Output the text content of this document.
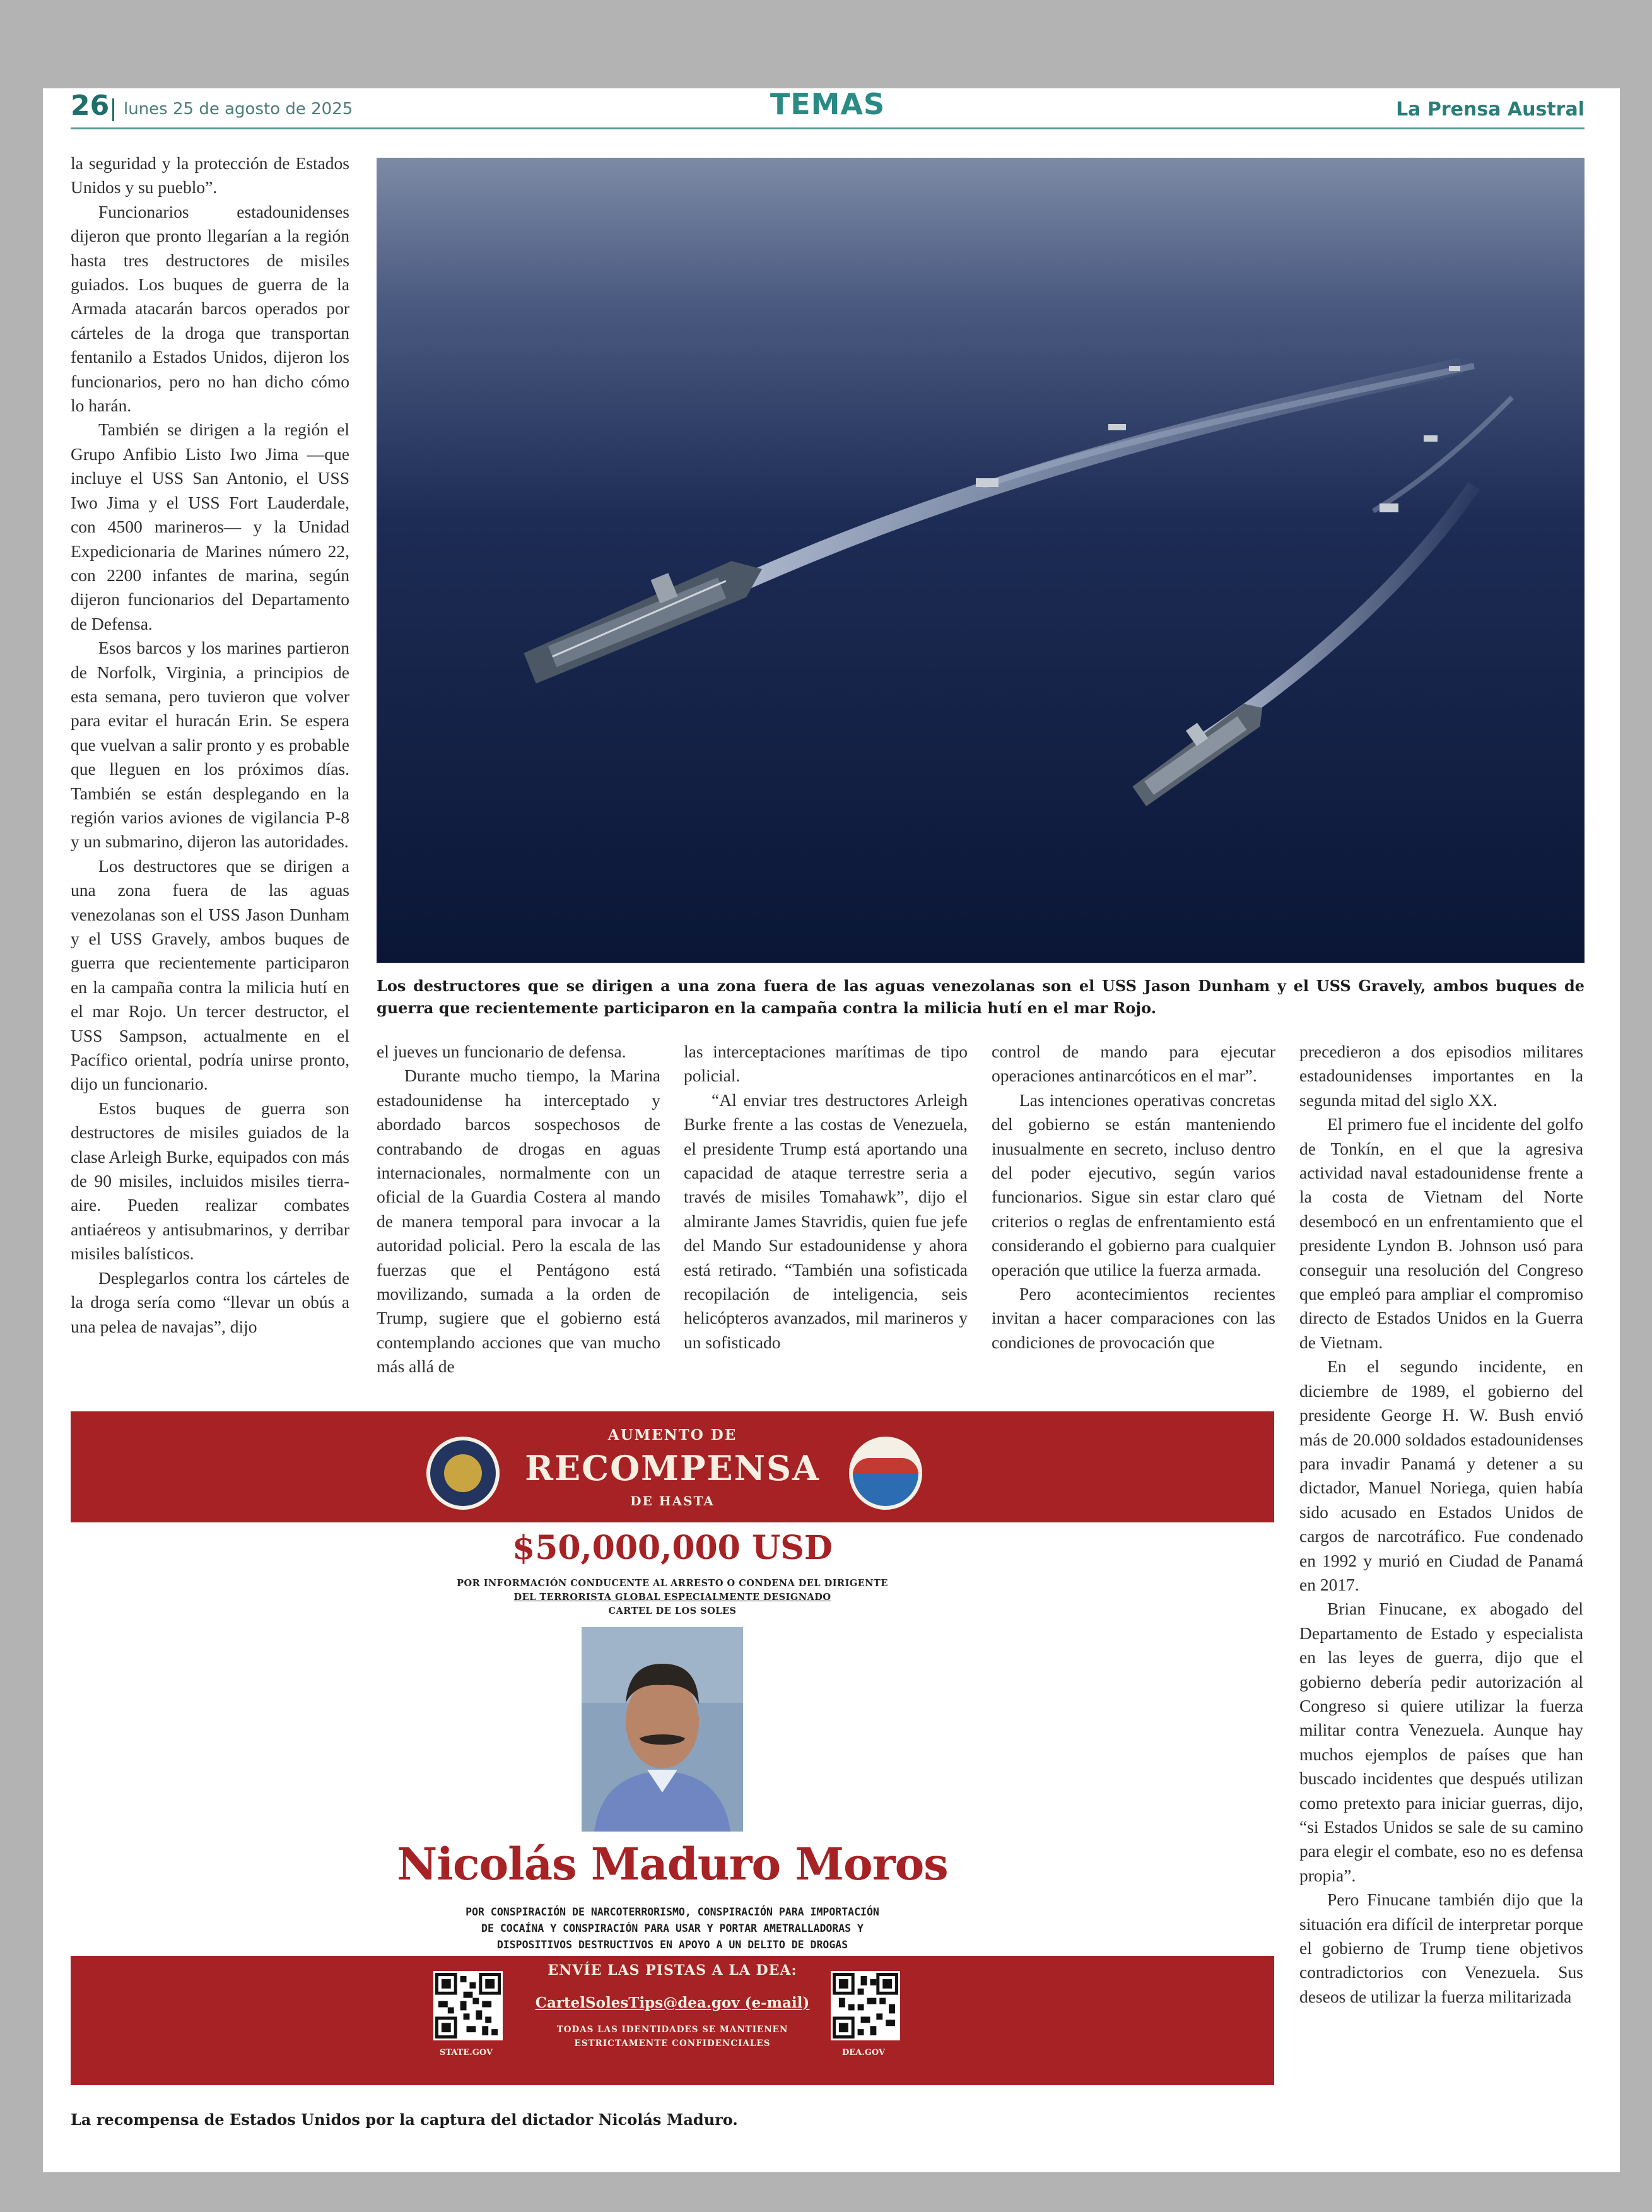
26 lunes 25 de agosto de 2025	TEMAS	La Prensa Austral

la seguridad y la protección de Estados Unidos y su pueblo”.

Funcionarios estadounidenses dijeron que pronto llegarían a la región hasta tres destructores de misiles guiados. Los buques de guerra de la Armada atacarán barcos operados por cárteles de la droga que transportan fentanilo a Estados Unidos, dijeron los funcionarios, pero no han dicho cómo lo harán.

También se dirigen a la región el Grupo Anfibio Listo Iwo Jima —que incluye el USS San Antonio, el USS Iwo Jima y el USS Fort Lauderdale, con 4500 marineros— y la Unidad Expedicionaria de Marines número 22, con 2200 infantes de marina, según dijeron funcionarios del Departamento de Defensa.

Esos barcos y los marines partieron de Norfolk, Virginia, a principios de esta semana, pero tuvieron que volver para evitar el huracán Erin. Se espera que vuelvan a salir pronto y es probable que lleguen en los próximos días. También se están desplegando en la región varios aviones de vigilancia P-8 y un submarino, dijeron las autoridades.

Los destructores que se dirigen a una zona fuera de las aguas venezolanas son el USS Jason Dunham y el USS Gravely, ambos buques de guerra que recientemente participaron en la campaña contra la milicia hutí en el mar Rojo. Un tercer destructor, el USS Sampson, actualmente en el Pacífico oriental, podría unirse pronto, dijo un funcionario.

Estos buques de guerra son destructores de misiles guiados de la clase Arleigh Burke, equipados con más de 90 misiles, incluidos misiles tierra-aire. Pueden realizar combates antiaéreos y antisubmarinos, y derribar misiles balísticos.

Desplegarlos contra los cárteles de la droga sería como “llevar un obús a una pelea de navajas”, dijo

Los destructores que se dirigen a una zona fuera de las aguas venezolanas son el USS Jason Dunham y el USS Gravely, ambos buques de guerra que recientemente participaron en la campaña contra la milicia hutí en el mar Rojo.

el jueves un funcionario de defensa.

Durante mucho tiempo, la Marina estadounidense ha interceptado y abordado barcos sospechosos de contrabando de drogas en aguas internacionales, normalmente con un oficial de la Guardia Costera al mando de manera temporal para invocar a la autoridad policial. Pero la escala de las fuerzas que el Pentágono está movilizando, sumada a la orden de Trump, sugiere que el gobierno está contemplando acciones que van mucho más allá de

las interceptaciones marítimas de tipo policial.

“Al enviar tres destructores Arleigh Burke frente a las costas de Venezuela, el presidente Trump está aportando una capacidad de ataque terrestre seria a través de misiles Tomahawk”, dijo el almirante James Stavridis, quien fue jefe del Mando Sur estadounidense y ahora está retirado. “También una sofisticada recopilación de inteligencia, seis helicópteros avanzados, mil marineros y un sofisticado

control de mando para ejecutar operaciones antinarcóticos en el mar”.

Las intenciones operativas concretas del gobierno se están manteniendo inusualmente en secreto, incluso dentro del poder ejecutivo, según varios funcionarios. Sigue sin estar claro qué criterios o reglas de enfrentamiento está considerando el gobierno para cualquier operación que utilice la fuerza armada.

Pero acontecimientos recientes invitan a hacer comparaciones con las condiciones de provocación que

precedieron a dos episodios militares estadounidenses importantes en la segunda mitad del siglo XX.

El primero fue el incidente del golfo de Tonkín, en el que la agresiva actividad naval estadounidense frente a la costa de Vietnam del Norte desembocó en un enfrentamiento que el presidente Lyndon B. Johnson usó para conseguir una resolución del Congreso que empleó para ampliar el compromiso directo de Estados Unidos en la Guerra de Vietnam.

En el segundo incidente, en diciembre de 1989, el gobierno del presidente George H. W. Bush envió más de 20.000 soldados estadounidenses para invadir Panamá y detener a su dictador, Manuel Noriega, quien había sido acusado en Estados Unidos de cargos de narcotráfico. Fue condenado en 1992 y murió en Ciudad de Panamá en 2017.

Brian Finucane, ex abogado del Departamento de Estado y especialista en las leyes de guerra, dijo que el gobierno debería pedir autorización al Congreso si quiere utilizar la fuerza militar contra Venezuela. Aunque hay muchos ejemplos de países que han buscado incidentes que después utilizan como pretexto para iniciar guerras, dijo, “si Estados Unidos se sale de su camino para elegir el combate, eso no es defensa propia”.

Pero Finucane también dijo que la situación era difícil de interpretar porque el gobierno de Trump tiene objetivos contradictorios con Venezuela. Sus deseos de utilizar la fuerza militarizada

AUMENTO DE
RECOMPENSA
DE HASTA
$50,000,000 USD
POR INFORMACIÓN CONDUCENTE AL ARRESTO O CONDENA DEL DIRIGENTE
DEL TERRORISTA GLOBAL ESPECIALMENTE DESIGNADO
CARTEL DE LOS SOLES
Nicolás Maduro Moros
POR CONSPIRACIÓN DE NARCOTERRORISMO, CONSPIRACIÓN PARA IMPORTACIÓN
DE COCAÍNA Y CONSPIRACIÓN PARA USAR Y PORTAR AMETRALLADORAS Y
DISPOSITIVOS DESTRUCTIVOS EN APOYO A UN DELITO DE DROGAS
STATE.GOV	DEA.GOV
ENVÍE LAS PISTAS A LA DEA:
CartelSolesTips@dea.gov (e-mail)
TODAS LAS IDENTIDADES SE MANTIENEN
ESTRICTAMENTE CONFIDENCIALES
La recompensa de Estados Unidos por la captura del dictador Nicolás Maduro.
